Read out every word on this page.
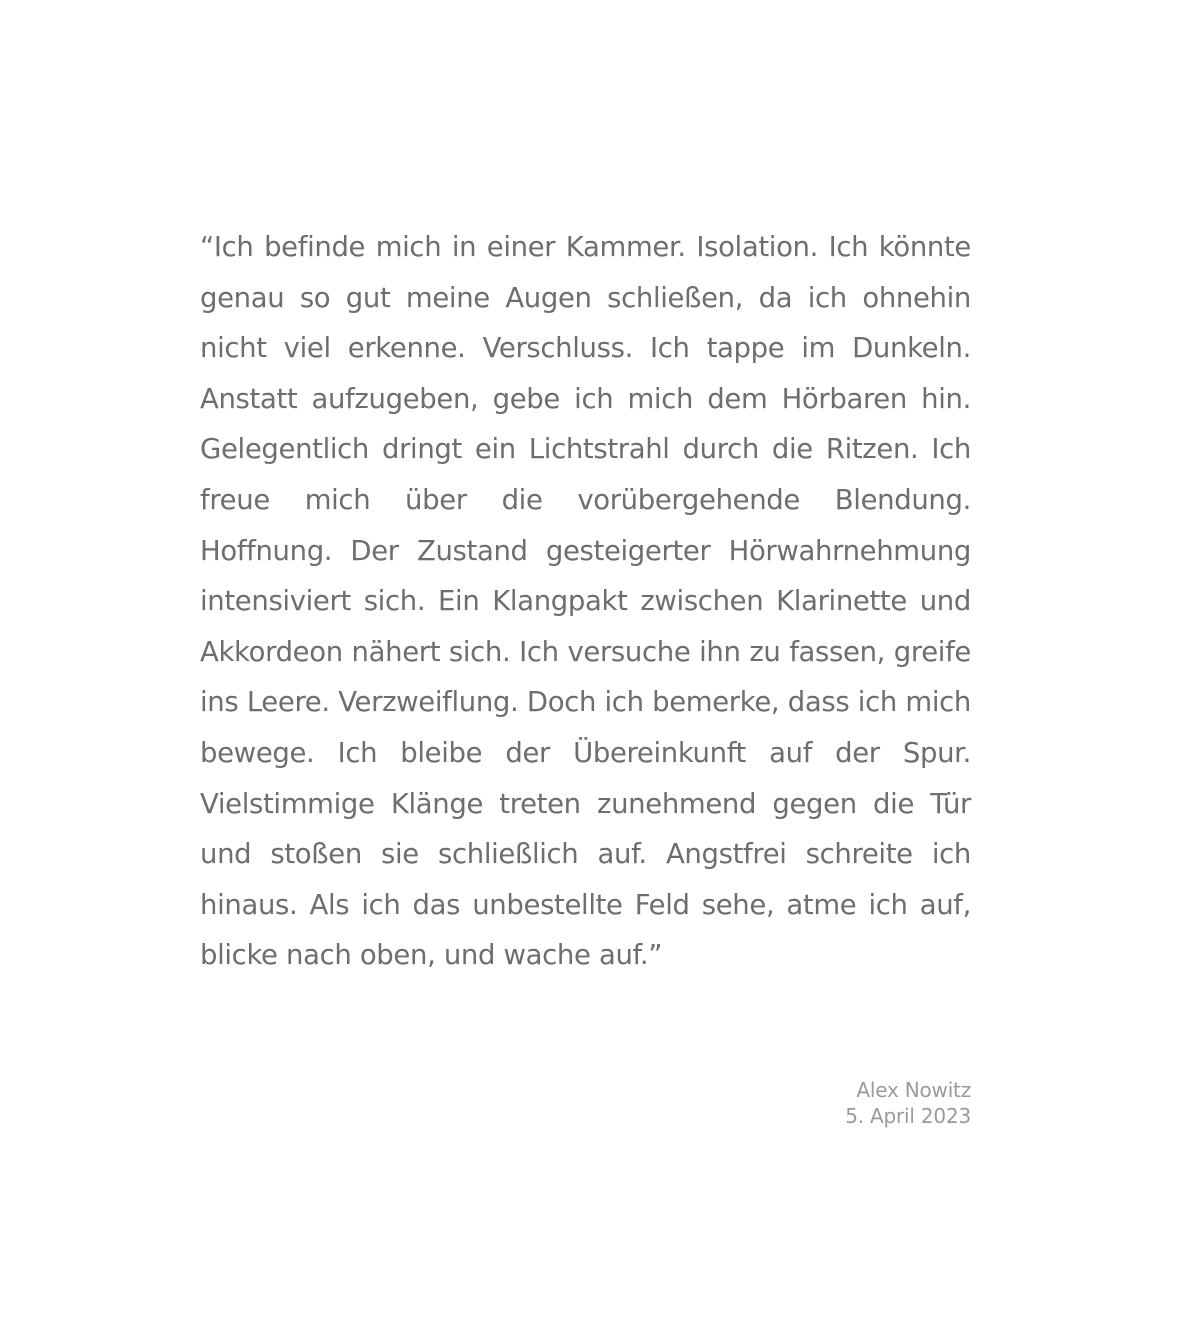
“Ich befinde mich in einer Kammer. Isolation. Ich könnte genau so gut meine Augen schließen, da ich ohnehin nicht viel erkenne. Verschluss. Ich tappe im Dunkeln. Anstatt aufzugeben, gebe ich mich dem Hörbaren hin. Gelegentlich dringt ein Lichtstrahl durch die Ritzen. Ich freue mich über die vorübergehende Blendung. Hoffnung. Der Zustand gesteigerter Hörwahrnehmung intensiviert sich. Ein Klangpakt zwischen Klarinette und Akkordeon nähert sich. Ich versuche ihn zu fassen, greife ins Leere. Verzweiflung. Doch ich bemerke, dass ich mich bewege. Ich bleibe der Übereinkunft auf der Spur. Vielstimmige Klänge treten zunehmend gegen die Tür und stoßen sie schließlich auf. Angstfrei schreite ich hinaus. Als ich das unbestellte Feld sehe, atme ich auf, blicke nach oben, und wache auf.”

Alex Nowitz
5. April 2023
